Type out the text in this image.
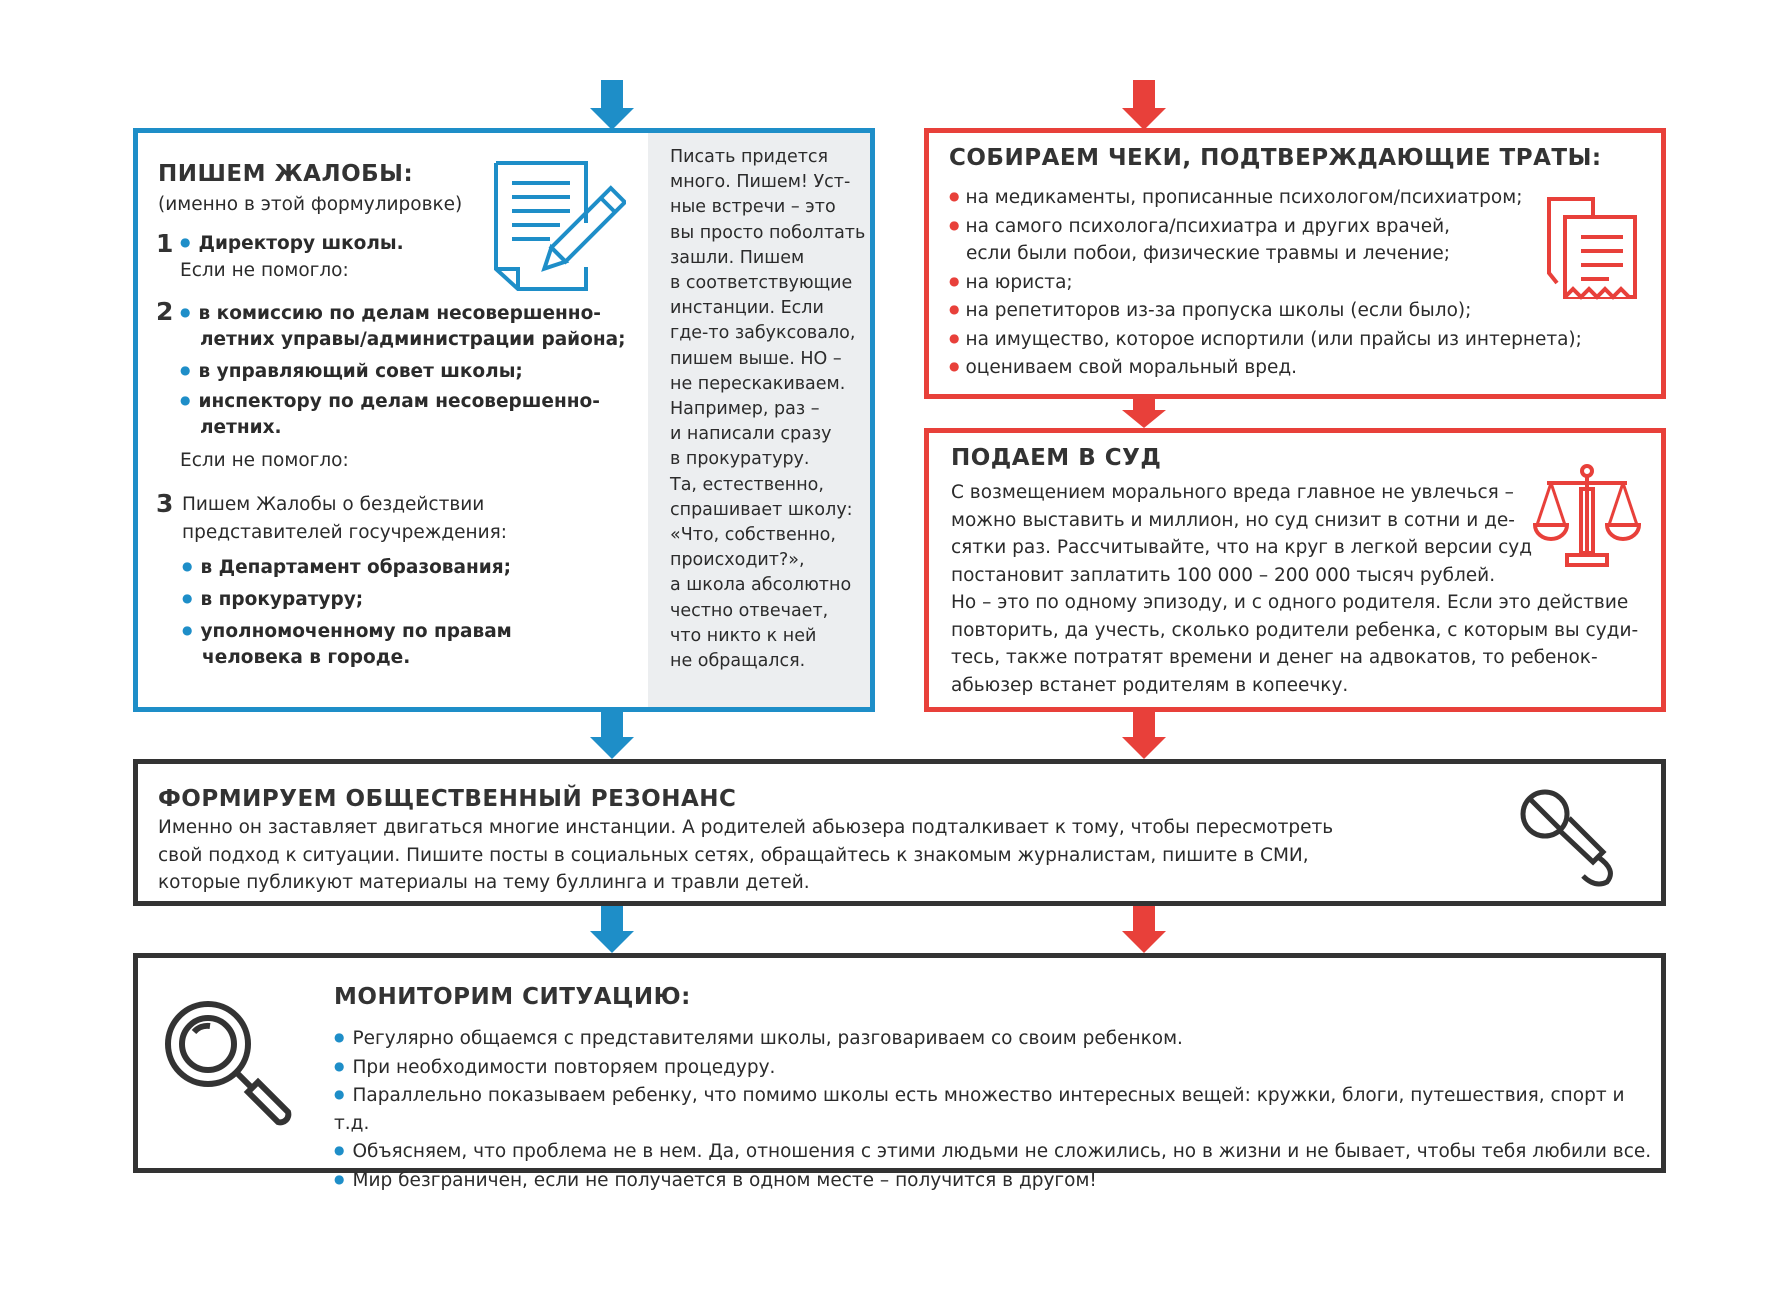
Писать придется
много. Пишем! Уст-
ные встречи – это
вы просто поболтать
зашли. Пишем
в соответствующие
инстанции. Если
где-то забуксовало,
пишем выше. НО –
не перескакиваем.
Например, раз –
и написали сразу
в прокуратуру.
Та, естественно,
спрашивает школу:
«Что, собственно,
происходит?»,
а школа абсолютно
честно отвечает,
что никто к ней
не обращался.
ПИШЕМ ЖАЛОБЫ:
(именно в этой формулировке)
1	● Директору школы.
Если не помогло:
2	● в комиссию по делам несовершенно-
летних управы/администрации района;
● в управляющий совет школы;
● инспектору по делам несовершенно-
летних.
Если не помогло:
3 Пишем Жалобы о бездействии
представителей госучреждения:
● в Департамент образования;
● в прокуратуру;
● уполномоченному по правам
человека в городе.
СОБИРАЕМ ЧЕКИ, ПОДТВЕРЖДАЮЩИЕ ТРАТЫ:
● на медикаменты, прописанные психологом/психиатром;
● на самого психолога/психиатра и других врачей,
если были побои, физические травмы и лечение;
● на юриста;
● на репетиторов из-за пропуска школы (если было);
● на имущество, которое испортили (или прайсы из интернета);
● оцениваем свой моральный вред.
ПОДАЕМ В СУД
С возмещением морального вреда главное не увлечься –
можно выставить и миллион, но суд снизит в сотни и де-
сятки раз. Рассчитывайте, что на круг в легкой версии суд
постановит заплатить 100 000 – 200 000 тысяч рублей.
Но – это по одному эпизоду, и с одного родителя. Если это действие
повторить, да учесть, сколько родители ребенка, с которым вы суди-
тесь, также потратят времени и денег на адвокатов, то ребенок-
абьюзер встанет родителям в копеечку.
ФОРМИРУЕМ ОБЩЕСТВЕННЫЙ РЕЗОНАНС
Именно он заставляет двигаться многие инстанции. А родителей абьюзера подталкивает к тому, чтобы пересмотреть
свой подход к ситуации. Пишите посты в социальных сетях, обращайтесь к знакомым журналистам, пишите в СМИ,
которые публикуют материалы на тему буллинга и травли детей.
МОНИТОРИМ СИТУАЦИЮ:
● Регулярно общаемся с представителями школы, разговариваем со своим ребенком.
● При необходимости повторяем процедуру.
● Параллельно показываем ребенку, что помимо школы есть множество интересных вещей: кружки, блоги, путешествия, спорт и т.д.
● Объясняем, что проблема не в нем. Да, отношения с этими людьми не сложились, но в жизни и не бывает, чтобы тебя любили все.
● Мир безграничен, если не получается в одном месте – получится в другом!
